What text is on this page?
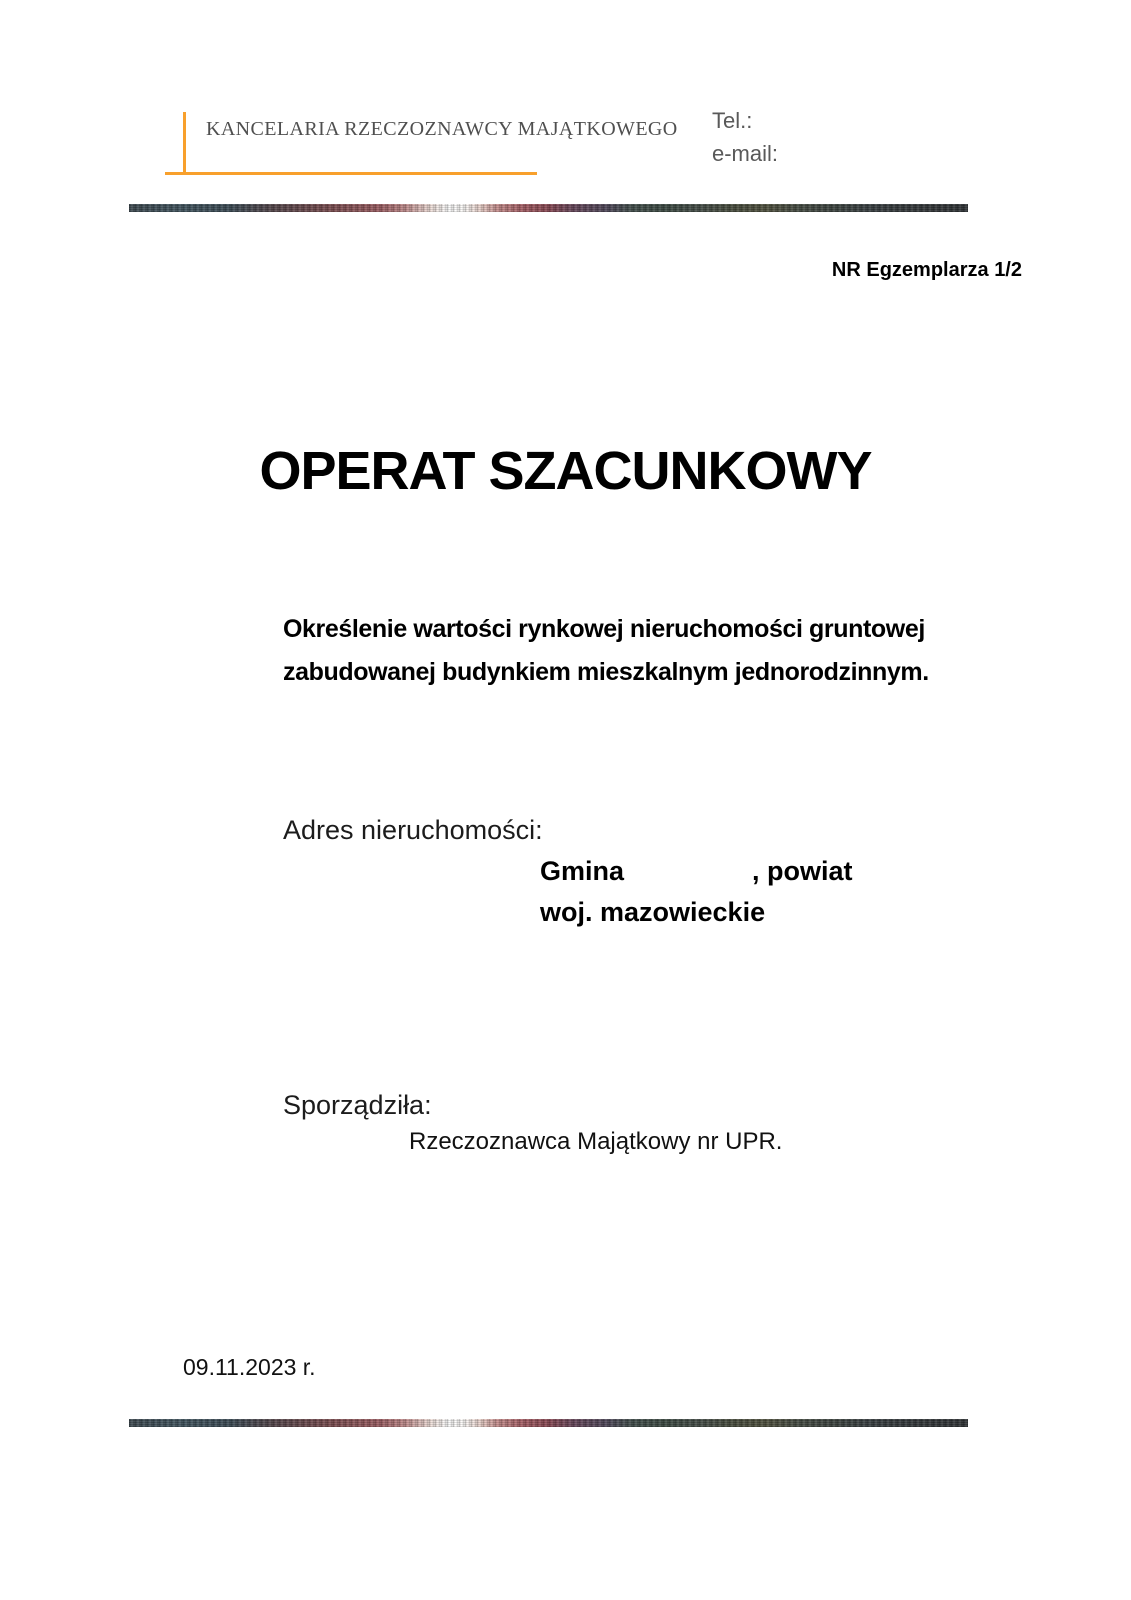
KANCELARIA RZECZOZNAWCY MAJĄTKOWEGO Tel.:
e-mail:
NR Egzemplarza 1/2
OPERAT SZACUNKOWY
Określenie wartości rynkowej nieruchomości gruntowej
zabudowanej budynkiem mieszkalnym jednorodzinnym.
Adres nieruchomości:
Gmina	, powiat
woj. mazowieckie
Sporządziła:
Rzeczoznawca Majątkowy nr UPR.
09.11.2023 r.
